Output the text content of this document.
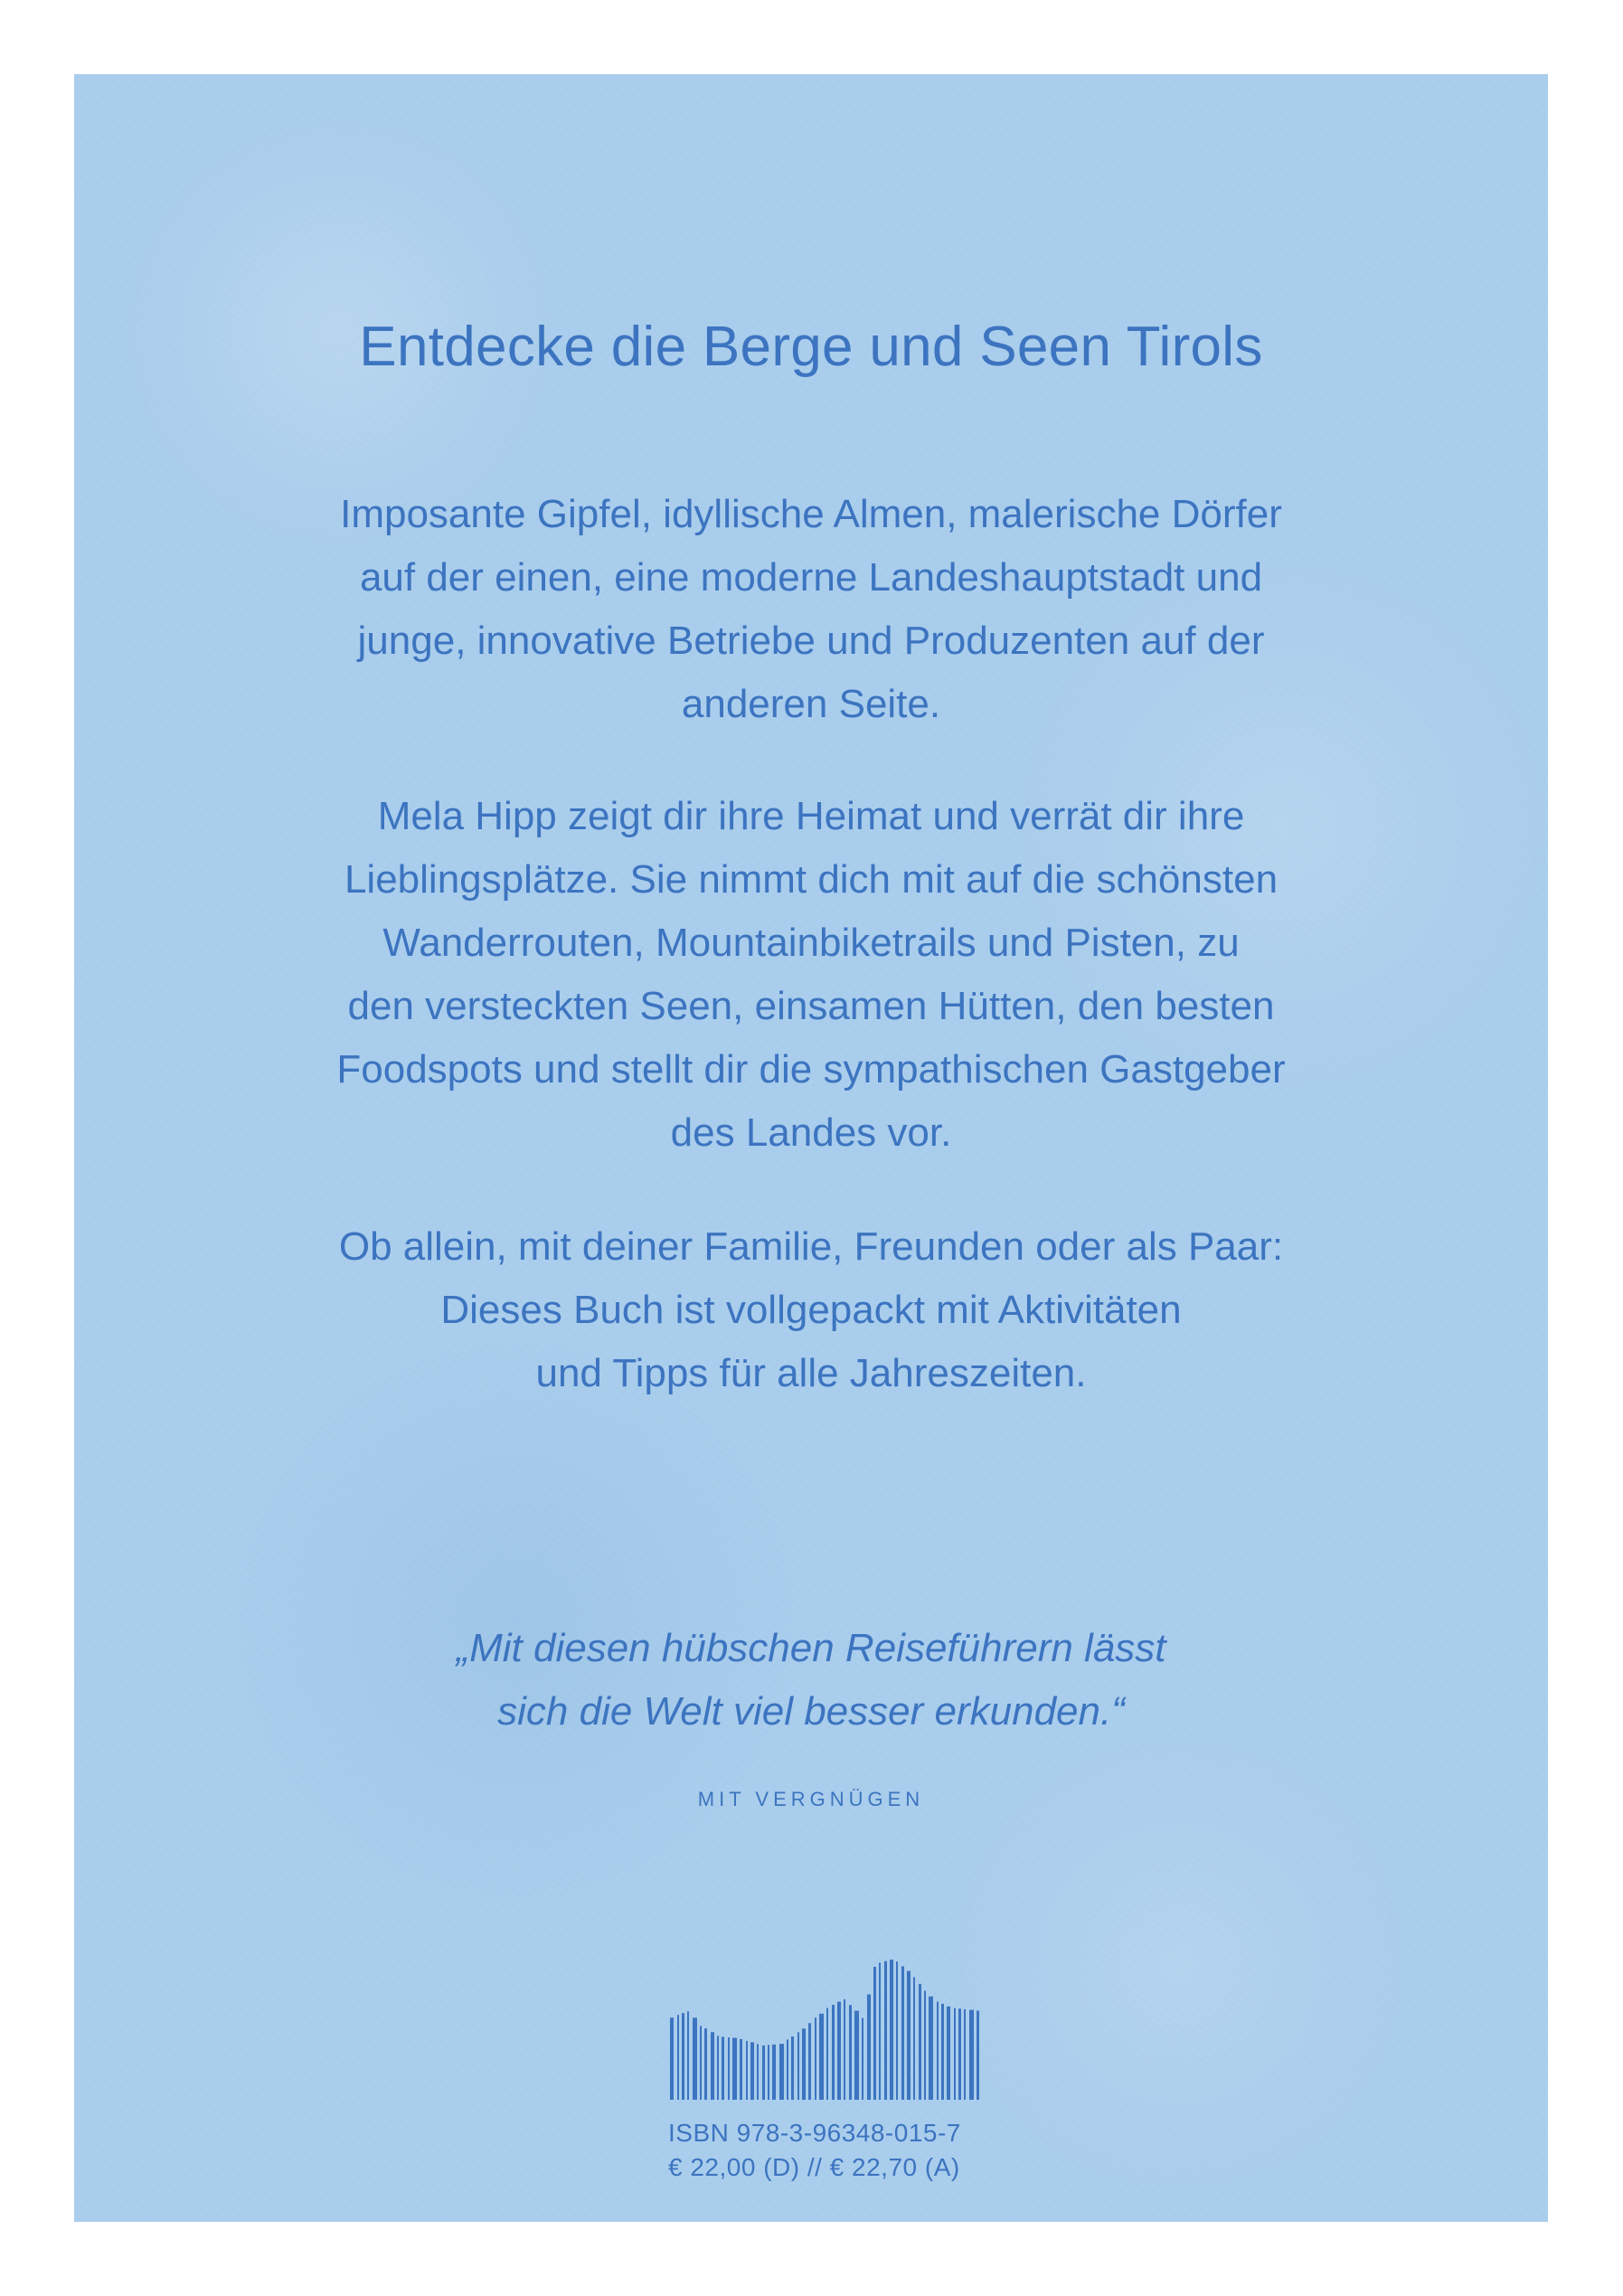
Entdecke die Berge und Seen Tirols

Imposante Gipfel, idyllische Almen, malerische Dörfer

auf der einen, eine moderne Landeshauptstadt und

junge, innovative Betriebe und Produzenten auf der

anderen Seite.

Mela Hipp zeigt dir ihre Heimat und verrät dir ihre

Lieblingsplätze. Sie nimmt dich mit auf die schönsten

Wanderrouten, Mountainbiketrails und Pisten, zu

den versteckten Seen, einsamen Hütten, den besten

Foodspots und stellt dir die sympathischen Gastgeber

des Landes vor.

Ob allein, mit deiner Familie, Freunden oder als Paar:

Dieses Buch ist vollgepackt mit Aktivitäten

und Tipps für alle Jahreszeiten.

„Mit diesen hübschen Reiseführern lässt
sich die Welt viel besser erkunden.“

MIT VERGNÜGEN

ISBN 978-3-96348-015-7

€ 22,00 (D) // € 22,70 (A)
